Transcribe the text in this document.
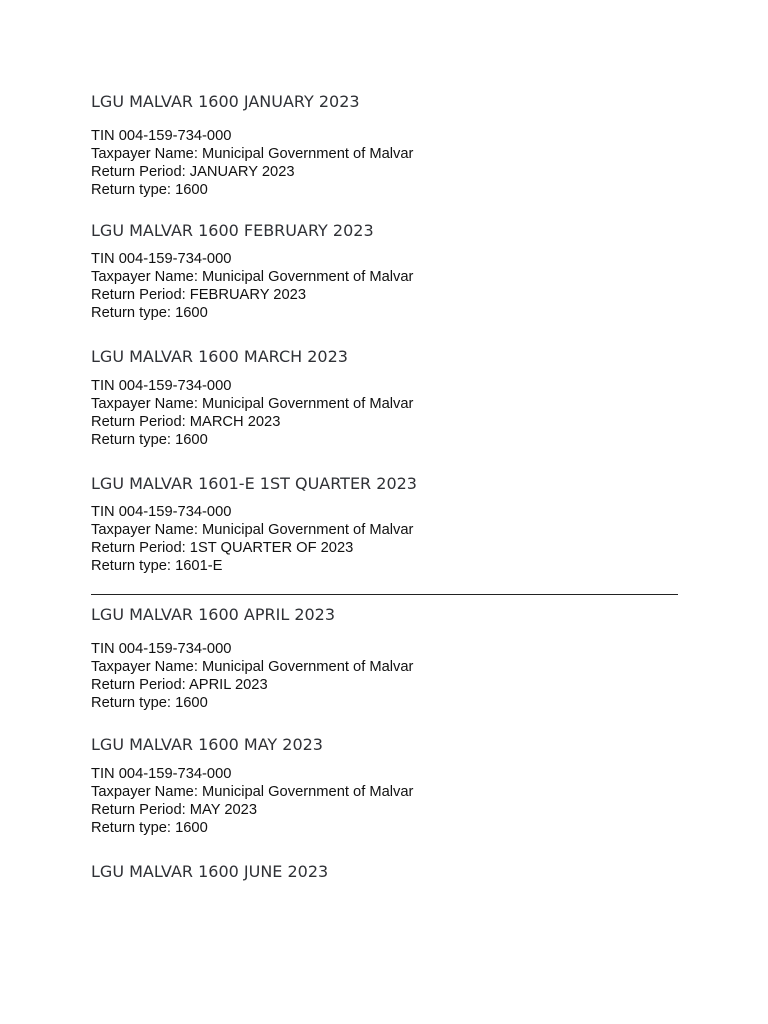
LGU MALVAR 1600 JANUARY 2023
TIN 004-159-734-000
Taxpayer Name: Municipal Government of Malvar
Return Period: JANUARY 2023
Return type: 1600
LGU MALVAR 1600 FEBRUARY 2023
TIN 004-159-734-000
Taxpayer Name: Municipal Government of Malvar
Return Period: FEBRUARY 2023
Return type: 1600
LGU MALVAR 1600 MARCH 2023
TIN 004-159-734-000
Taxpayer Name: Municipal Government of Malvar
Return Period: MARCH 2023
Return type: 1600
LGU MALVAR 1601-E 1ST QUARTER 2023
TIN 004-159-734-000
Taxpayer Name: Municipal Government of Malvar
Return Period: 1ST QUARTER OF 2023
Return type: 1601-E
LGU MALVAR 1600 APRIL 2023
TIN 004-159-734-000
Taxpayer Name: Municipal Government of Malvar
Return Period: APRIL 2023
Return type: 1600
LGU MALVAR 1600 MAY 2023
TIN 004-159-734-000
Taxpayer Name: Municipal Government of Malvar
Return Period: MAY 2023
Return type: 1600
LGU MALVAR 1600 JUNE 2023
